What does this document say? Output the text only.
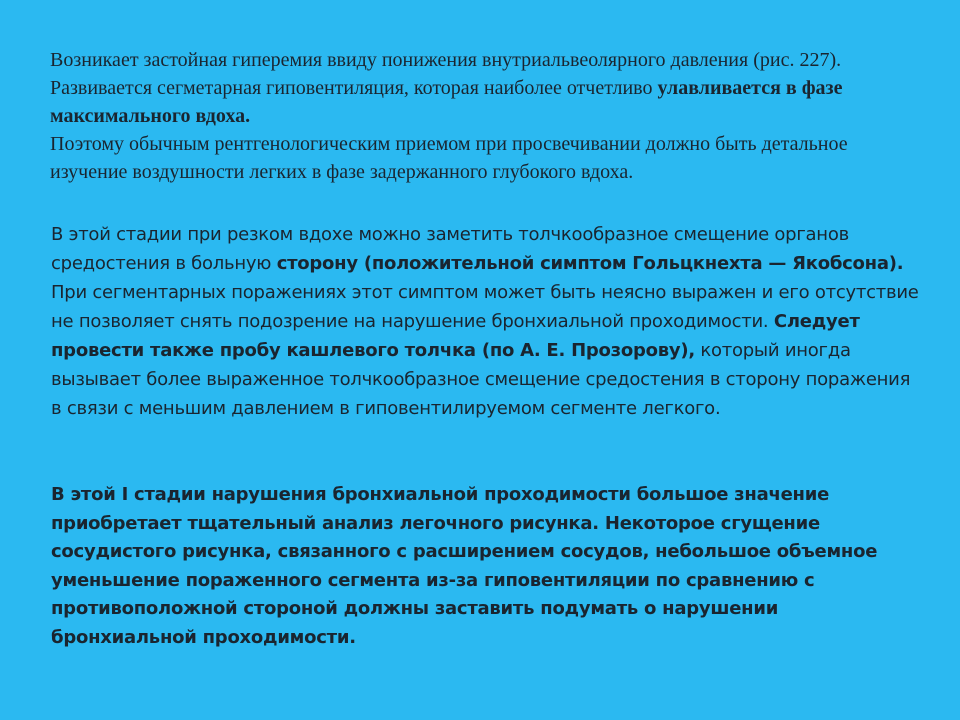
Возникает застойная гиперемия ввиду понижения внутриальвеолярного давления (рис. 227). Развивается сегметарная гиповентиляция, которая наиболее отчетливо улавливается в фазе максимального вдоха.

Поэтому обычным рентгенологическим приемом при просвечивании должно быть детальное изучение воздушности легких в фазе задержанного глубокого вдоха.

В этой стадии при резком вдохе можно заметить толчкообразное смещение органов средостения в больную сторону (положительной симптом Гольцкнехта — Якобсона). При сегментарных поражениях этот симптом может быть неясно выражен и его отсутствие не позволяет снять подозрение на нарушение бронхиальной проходимости. Следует провести также пробу кашлевого толчка (по А. Е. Прозорову), который иногда вызывает более выраженное толчкообразное смещение средостения в сторону поражения в связи с меньшим давлением в гиповентилируемом сегменте легкого.

В этой I стадии нарушения бронхиальной проходимости большое значение приобретает тщательный анализ легочного рисунка. Некоторое сгущение сосудистого рисунка, связанного с расширением сосудов, небольшое объемное уменьшение пораженного сегмента из-за гиповентиляции по сравнению с противоположной стороной должны заставить подумать о нарушении бронхиальной проходимости.
